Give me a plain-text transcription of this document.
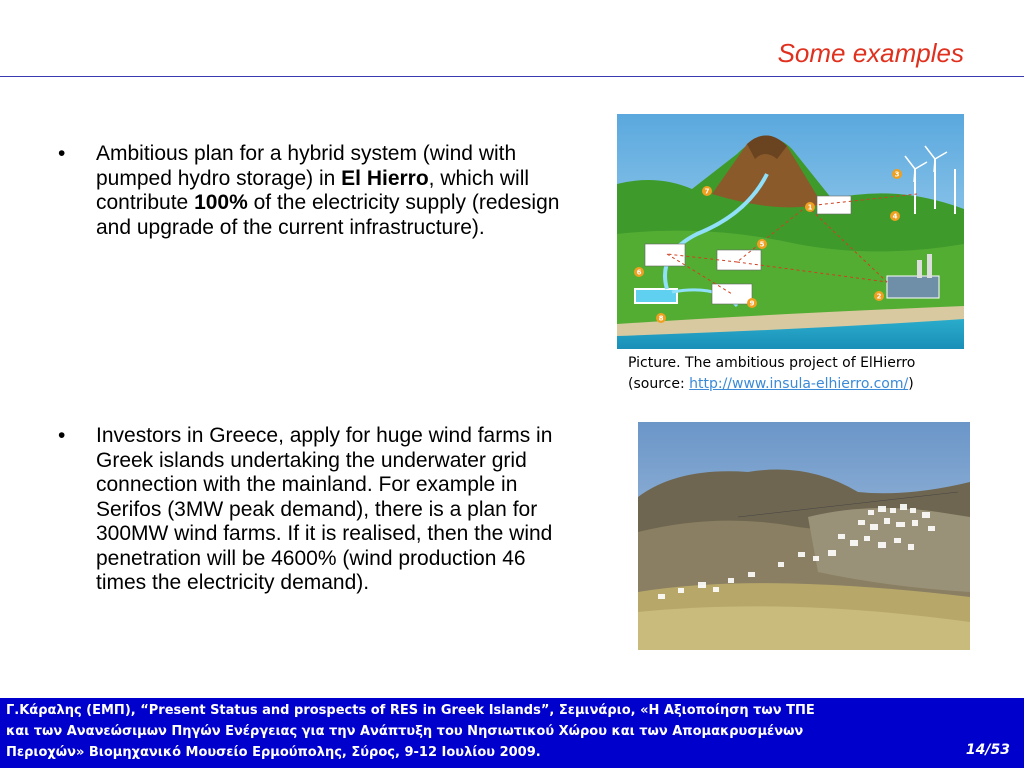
Some examples
• Ambitious plan for a hybrid system (wind with pumped hydro storage) in El Hierro, which will contribute 100% of the electricity supply (redesign and upgrade of the current infrastructure).
1
2
3
4
5
6
7
8
9
Picture. The ambitious project of ElHierro
(source: http://www.insula-elhierro.com/)
• Investors in Greece, apply for huge wind farms in Greek islands undertaking the underwater grid connection with the mainland. For example in Serifos (3MW peak demand), there is a plan for 300MW wind farms. If it is realised, then the wind penetration will be 4600% (wind production 46 times the electricity demand).
Γ.Κάραλης (ΕΜΠ), “Present Status and prospects of RES in Greek Islands”, Σεμινάριο, «Η Αξιοποίηση των ΤΠΕ
και των Ανανεώσιμων Πηγών Ενέργειας για την Ανάπτυξη του Νησιωτικού Χώρου και των Απομακρυσμένων
Περιοχών» Βιομηχανικό Μουσείο Ερμούπολης, Σύρος, 9-12 Ιουλίου 2009.	14/53
